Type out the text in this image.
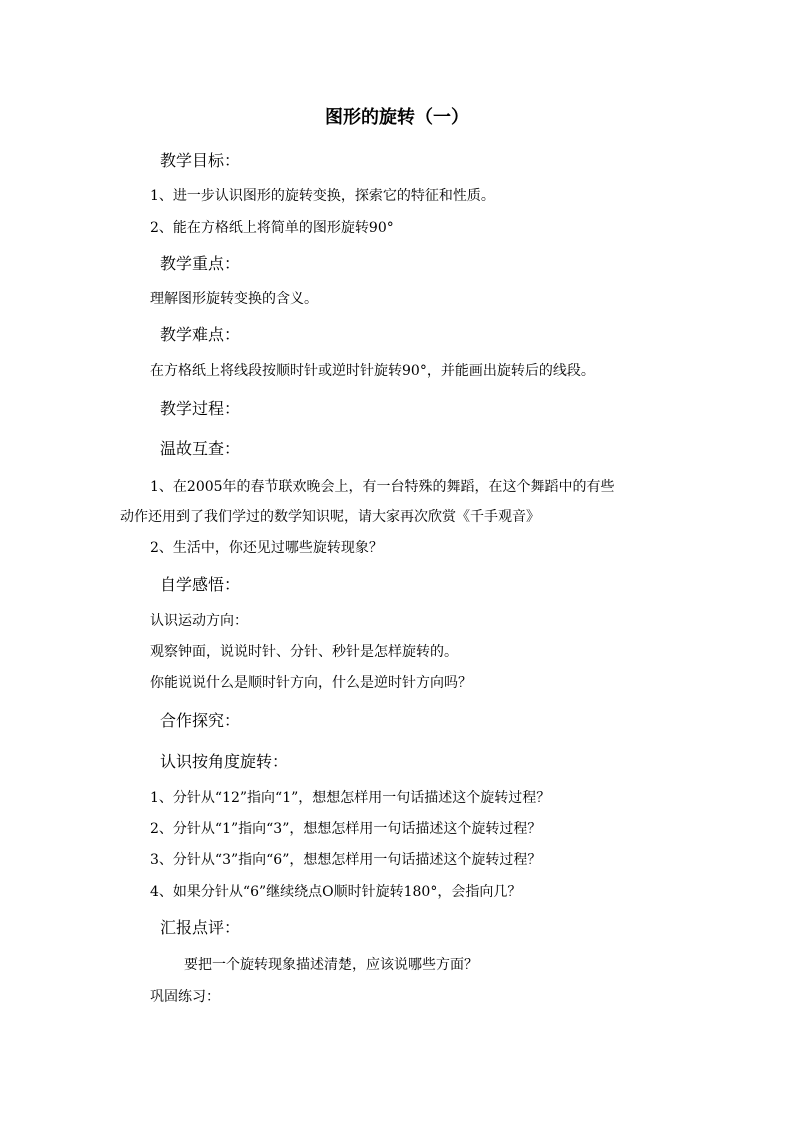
图形的旋转（一）
教学目标：
1、进一步认识图形的旋转变换，探索它的特征和性质。
2、能在方格纸上将简单的图形旋转90°
教学重点：
理解图形旋转变换的含义。
教学难点：
在方格纸上将线段按顺时针或逆时针旋转90°，并能画出旋转后的线段。
教学过程：
温故互查：
1、在2005年的春节联欢晚会上，有一台特殊的舞蹈，在这个舞蹈中的有些
动作还用到了我们学过的数学知识呢，请大家再次欣赏《千手观音》
2、生活中，你还见过哪些旋转现象？
自学感悟：
认识运动方向：
观察钟面，说说时针、分针、秒针是怎样旋转的。
你能说说什么是顺时针方向，什么是逆时针方向吗？
合作探究：
认识按角度旋转：
1、分针从“12”指向“1”，想想怎样用一句话描述这个旋转过程？
2、分针从“1”指向“3”，想想怎样用一句话描述这个旋转过程？
3、分针从“3”指向“6”，想想怎样用一句话描述这个旋转过程？
4、如果分针从“6”继续绕点O顺时针旋转180°，会指向几？
汇报点评：
要把一个旋转现象描述清楚，应该说哪些方面？
巩固练习：
